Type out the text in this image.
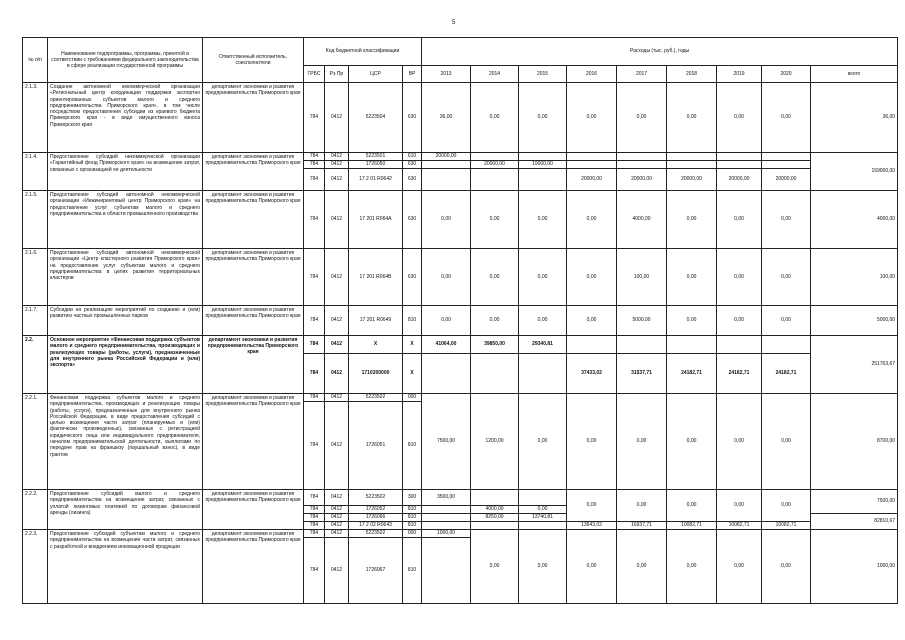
5
№ п/п	Наименование подпрограммы, программы, принятой в соответствии с требованиями федерального законодательства в сфере реализации государственной программы	Ответственный исполнитель, соисполнители	Код бюджетной классификации				Расходы (тыс. руб.), годы								
			ГРБС	Рз Пр	ЦСР	ВР	2013	2014	2015	2016	2017	2018	2019	2020	всего
2.1.3.	Создание автономной некоммерческой организации «Региональный центр координации поддержки экспортно ориентированных субъектов малого и среднего предпринимательства Приморского края», в том числе посредством предоставления субсидии из краевого бюджета Приморского края - в виде имущественного взноса Приморского края	департамент экономики и развития предпринимательства Приморского края	784	0412	5223504	630	36,00	0,00	0,00	0,00	0,00	0,00	0,00	0,00	36,00
2.1.4.	Предоставление субсидий некоммерческой организации «Гарантийный фонд Приморского края» на возмещение затрат, связанных с организацией ее деятельности	департамент экономики и развития предпринимательства Приморского края	784	0412	5223501	610	20000,00								159000,00
			784	0412	1726050	630		20000,00	19000,00						
			784	0412	17 2 01 R0642	630				20000,00	20000,00	20000,00	20000,00	20000,00	
2.1.5.	Предоставление субсидий автономной некоммерческой организации «Инжиниринговый центр Приморского края» на предоставление услуг субъектам малого и среднего предпринимательства в области промышленного производства	департамент экономики и развития предпринимательства Приморского края	784	0412	17 201 R064A	630	0,00	0,00	0,00	0,00	4000,00	0,00	0,00	0,00	4000,00
2.1.6.	Предоставление субсидий автономной некоммерческой организации «Центр кластерного развития Приморского края» на предоставление услуг субъектам малого и среднего предпринимательства в целях развития территориальных кластеров	департамент экономики и развития предпринимательства Приморского края	784	0412	17 201 R064B	630	0,00	0,00	0,00	0,00	100,00	0,00	0,00	0,00	100,00
2.1.7.	Субсидии на реализацию мероприятий по созданию и (или) развитию частных промышленных парков	департамент экономики и развития предпринимательства Приморского края	784	0412	17 201 R0649	810	0,00	0,00	0,00	0,00	5000,00	0,00	0,00	0,00	5000,00
2.2.	Основное мероприятие «Финансовая поддержка субъектов малого и среднего предпринимательства, производящих и реализующих товары (работы, услуги), предназначенные для внутреннего рынка Российской Федерации и (или) экспорта»	департамент экономики и развития предпринимательства Приморского края	784	0412	Х	Х	41064,00	39850,00	29340,81						251763,67
			784	0412	1710200000	Х				37433,02	31537,71	24182,71	24182,71	24182,71	
2.2.1.	Финансовая поддержка субъектов малого и среднего предпринимательства, производящих и реализующих товары (работы, услуги), предназначенные для внутреннего рынка Российской Федерации, в виде предоставления субсидий с целью возмещения части затрат (планируемых и (или) фактически произведенных), связанных с регистрацией юридического лица или индивидуального предпринимателя, началом предпринимательской деятельности, выплатами по передаче прав на франшизу (паушальный взнос), в виде грантов	департамент экономики и развития предпринимательства Приморского края	784	0412	5223502	000	7500,00	1200,00	0,00	0,00	0,00	0,00	0,00	0,00	8700,00
			784	0412	1726051	810									
2.2.2.	Предоставление субсидий малого и среднего предпринимательства на возмещение затрат, связанных с уплатой лизинговых платежей по договорам финансовой аренды (лизинга)	департамент экономики и развития предпринимательства Приморского края	784	0412	5223502	300	3500,00			0,00	0,00	0,00	0,00	0,00	7500,00
			784	0412	1726052	810		4000,00	0,00						
			784	0412	1726066	810		8250,00	13740,81						82810,67
			784	0412	17 2 02 R0643	810				13643,02	16937,71	10082,71	10082,71	10082,71	
2.2.3.	Предоставление субсидий субъектам малого и среднего предпринимательства на возмещение части затрат, связанных с разработкой и внедрением инновационной продукции	департамент экономики и развития предпринимательства Приморского края	784	0412	5223502	000	1000,00	0,00	0,00	0,00	0,00	0,00	0,00	0,00	1000,00
			784	0412	1726067	810									
